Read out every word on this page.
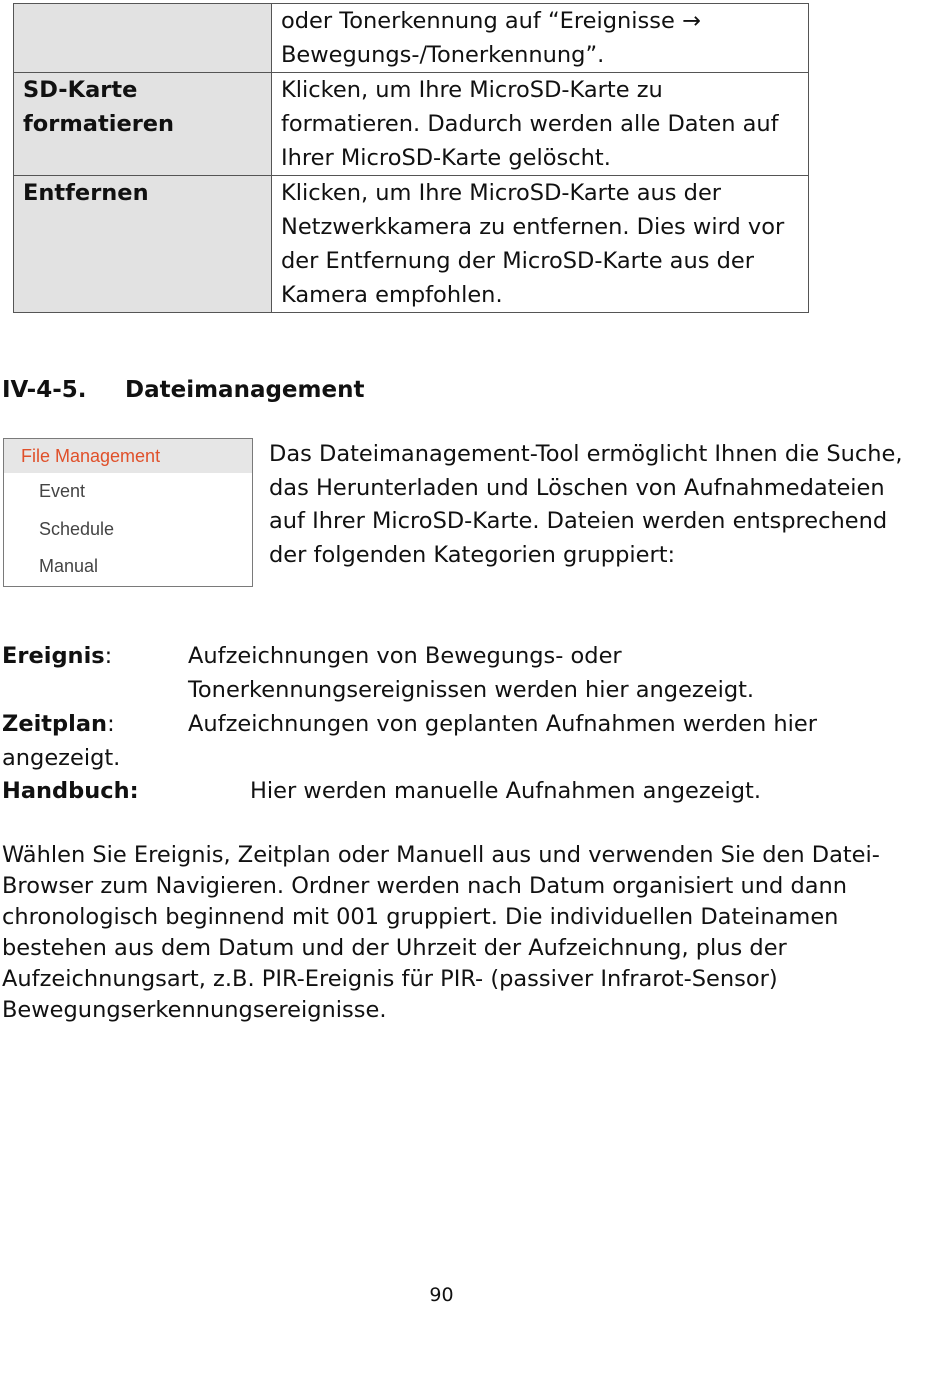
	oder Tonerkennung auf “Ereignisse → Bewegungs-/Tonerkennung”.
SD-Karte formatieren	Klicken, um Ihre MicroSD-Karte zu formatieren. Dadurch werden alle Daten auf Ihrer MicroSD-Karte gelöscht.
Entfernen	Klicken, um Ihre MicroSD-Karte aus der Netzwerkkamera zu entfernen. Dies wird vor der Entfernung der MicroSD-Karte aus der Kamera empfohlen.
IV-4-5. Dateimanagement
File Management
Event
Schedule
Manual
Das Dateimanagement-Tool ermöglicht Ihnen die Suche, das Herunterladen und Löschen von Aufnahmedateien auf Ihrer MicroSD-Karte. Dateien werden entsprechend der folgenden Kategorien gruppiert:
Ereignis:	Aufzeichnungen von Bewegungs- oder Tonerkennungsereignissen werden hier angezeigt.
Zeitplan:	Aufzeichnungen von geplanten Aufnahmen werden hier
angezeigt.
Handbuch:	Hier werden manuelle Aufnahmen angezeigt.
Wählen Sie Ereignis, Zeitplan oder Manuell aus und verwenden Sie den Datei-Browser zum Navigieren. Ordner werden nach Datum organisiert und dann chronologisch beginnend mit 001 gruppiert. Die individuellen Dateinamen bestehen aus dem Datum und der Uhrzeit der Aufzeichnung, plus der Aufzeichnungsart, z.B. PIR-Ereignis für PIR- (passiver Infrarot-Sensor) Bewegungserkennungsereignisse.
90
